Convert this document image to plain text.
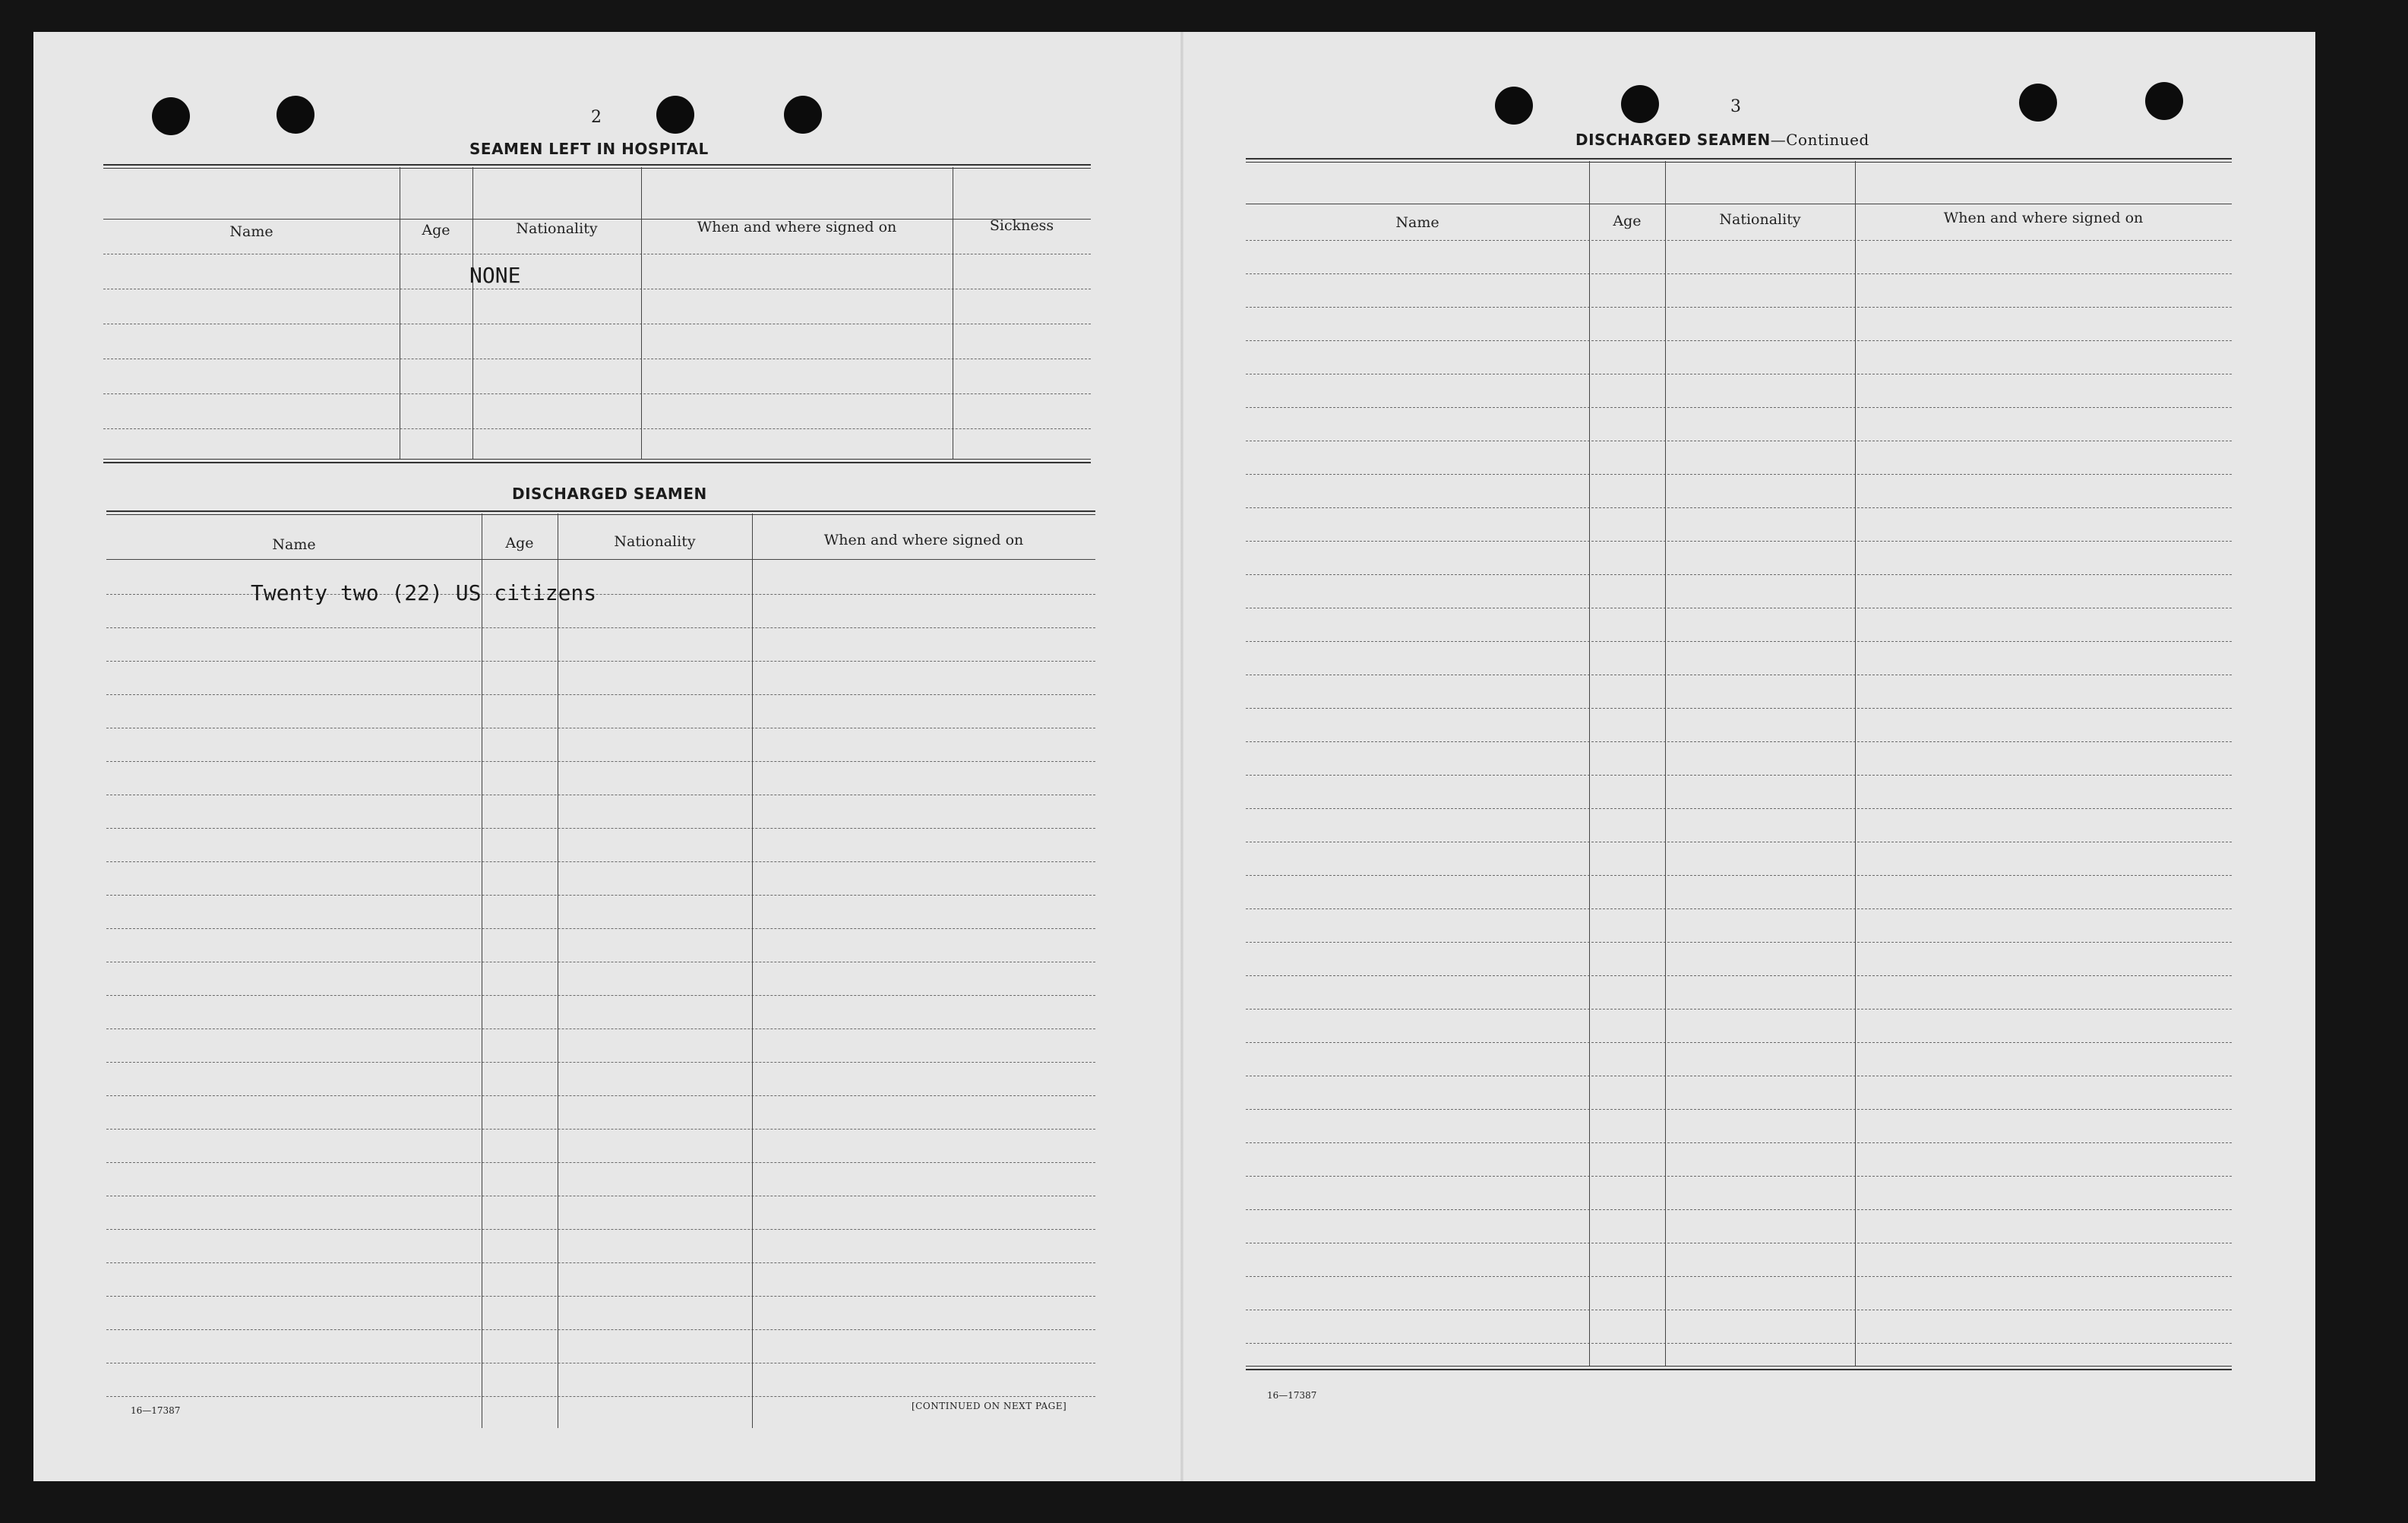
2
SEAMEN LEFT IN HOSPITAL
Name	Age	Nationality	When and where signed on	Sickness
NONE
DISCHARGED SEAMEN
Name	Age	Nationality	When and where signed on
Twenty two (22) US citizens
16—17387	[CONTINUED ON NEXT PAGE]
3
DISCHARGED SEAMEN—Continued
Name	Age	Nationality	When and where signed on
16—17387
